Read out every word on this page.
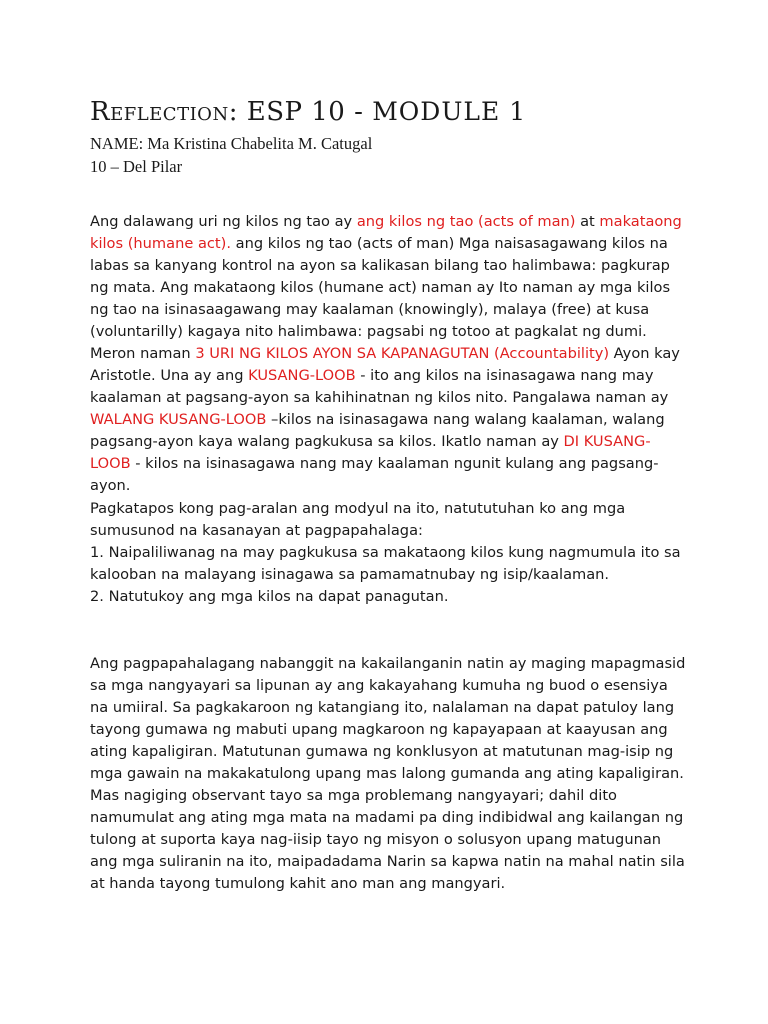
Reflection: ESP 10 - MODULE 1
NAME: Ma Kristina Chabelita M. Catugal
10 – Del Pilar

Ang dalawang uri ng kilos ng tao ay ang kilos ng tao (acts of man) at makataong kilos (humane act). ang kilos ng tao (acts of man) Mga naisasagawang kilos na labas sa kanyang kontrol na ayon sa kalikasan bilang tao halimbawa: pagkurap ng mata. Ang makataong kilos (humane act) naman ay Ito naman ay mga kilos ng tao na isinasaagawang may kaalaman (knowingly), malaya (free) at kusa (voluntarilly) kagaya nito halimbawa: pagsabi ng totoo at pagkalat ng dumi. Meron naman 3 URI NG KILOS AYON SA KAPANAGUTAN (Accountability) Ayon kay Aristotle. Una ay ang KUSANG-LOOB - ito ang kilos na isinasagawa nang may kaalaman at pagsang-ayon sa kahihinatnan ng kilos nito. Pangalawa naman ay WALANG KUSANG-LOOB –kilos na isinasagawa nang walang kaalaman, walang pagsang-ayon kaya walang pagkukusa sa kilos. Ikatlo naman ay DI KUSANG-LOOB - kilos na isinasagawa nang may kaalaman ngunit kulang ang pagsang-ayon.

Pagkatapos kong pag-aralan ang modyul na ito, natututuhan ko ang mga sumusunod na kasanayan at pagpapahalaga:

1. Naipaliliwanag na may pagkukusa sa makataong kilos kung nagmumula ito sa kalooban na malayang isinagawa sa pamamatnubay ng isip/kaalaman.

2. Natutukoy ang mga kilos na dapat panagutan.

Ang pagpapahalagang nabanggit na kakailanganin natin ay maging mapagmasid sa mga nangyayari sa lipunan ay ang kakayahang kumuha ng buod o esensiya na umiiral. Sa pagkakaroon ng katangiang ito, nalalaman na dapat patuloy lang tayong gumawa ng mabuti upang magkaroon ng kapayapaan at kaayusan ang ating kapaligiran. Matutunan gumawa ng konklusyon at matutunan mag-isip ng mga gawain na makakatulong upang mas lalong gumanda ang ating kapaligiran. Mas nagiging observant tayo sa mga problemang nangyayari; dahil dito namumulat ang ating mga mata na madami pa ding indibidwal ang kailangan ng tulong at suporta kaya nag-iisip tayo ng misyon o solusyon upang matugunan ang mga suliranin na ito, maipadadama Narin sa kapwa natin na mahal natin sila at handa tayong tumulong kahit ano man ang mangyari.
